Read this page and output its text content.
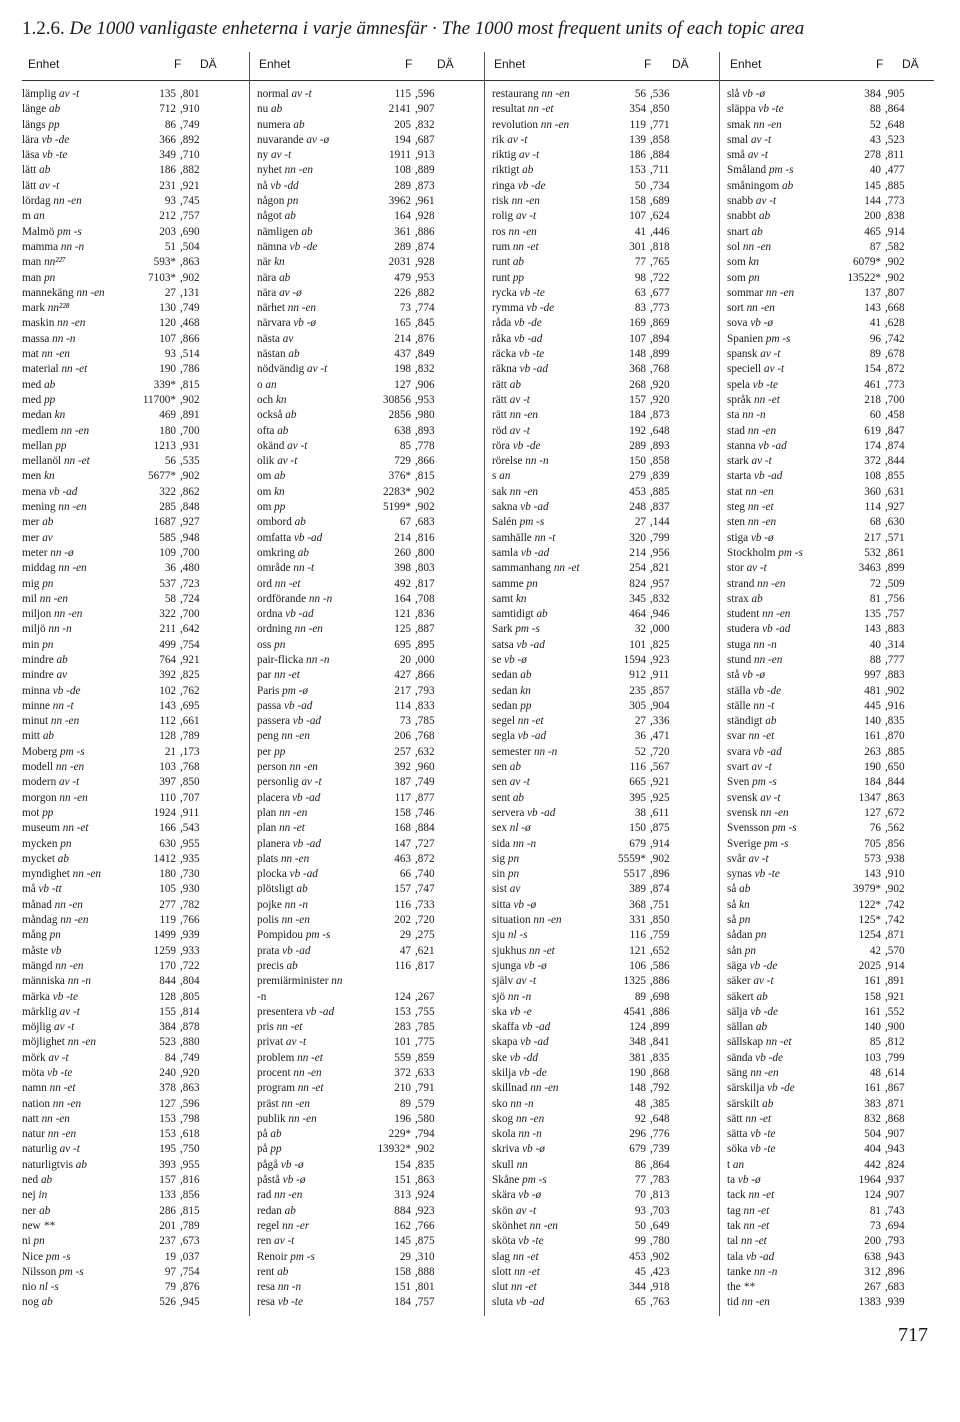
1.2.6. De 1000 vanligaste enheterna i varje ämnesfär · The 1000 most frequent units of each topic area
Enhet	F DÄ	Enhet	F DÄ	Enhet	F DÄ	Enhet	F DÄ
lämplig av -t	135 ,801
länge ab	712 ,910
längs pp	86 ,749
lära vb -de	366 ,892
läsa vb -te	349 ,710
lätt ab	186 ,882
lätt av -t	231 ,921
lördag nn -en	93 ,745
m an	212 ,757
Malmö pm -s	203 ,690
mamma nn -n	51 ,504
man nn²²⁷	593* ,863
man pn	7103* ,902
mannekäng nn -en	27 ,131
mark nn²²⁸	130 ,749
maskin nn -en	120 ,468
massa nn -n	107 ,866
mat nn -en	93 ,514
material nn -et	190 ,786
med ab	339* ,815
med pp	11700* ,902
medan kn	469 ,891
medlem nn -en	180 ,700
mellan pp	1213 ,931
mellanöl nn -et	56 ,535
men kn	5677* ,902
mena vb -ad	322 ,862
mening nn -en	285 ,848
mer ab	1687 ,927
mer av	585 ,948
meter nn -ø	109 ,700
middag nn -en	36 ,480
mig pn	537 ,723
mil nn -en	58 ,724
miljon nn -en	322 ,700
miljö nn -n	211 ,642
min pn	499 ,754
mindre ab	764 ,921
mindre av	392 ,825
minna vb -de	102 ,762
minne nn -t	143 ,695
minut nn -en	112 ,661
mitt ab	128 ,789
Moberg pm -s	21 ,173
modell nn -en	103 ,768
modern av -t	397 ,850
morgon nn -en	110 ,707
mot pp	1924 ,911
museum nn -et	166 ,543
mycken pn	630 ,955
mycket ab	1412 ,935
myndighet nn -en	180 ,730
må vb -tt	105 ,930
månad nn -en	277 ,782
måndag nn -en	119 ,766
mång pn	1499 ,939
måste vb	1259 ,933
mängd nn -en	170 ,722
människa nn -n	844 ,804
märka vb -te	128 ,805
märklig av -t	155 ,814
möjlig av -t	384 ,878
möjlighet nn -en	523 ,880
mörk av -t	84 ,749
möta vb -te	240 ,920
namn nn -et	378 ,863
nation nn -en	127 ,596
natt nn -en	153 ,798
natur nn -en	153 ,618
naturlig av -t	195 ,750
naturligtvis ab	393 ,955
ned ab	157 ,816
nej in	133 ,856
ner ab	286 ,815
new **	201 ,789
ni pn	237 ,673
Nice pm -s	19 ,037
Nilsson pm -s	97 ,754
nio nl -s	79 ,876
nog ab	526 ,945
normal av -t	115 ,596
nu ab	2141 ,907
numera ab	205 ,832
nuvarande av -ø	194 ,687
ny av -t	1911 ,913
nyhet nn -en	108 ,889
nå vb -dd	289 ,873
någon pn	3962 ,961
något ab	164 ,928
nämligen ab	361 ,886
nämna vb -de	289 ,874
när kn	2031 ,928
nära ab	479 ,953
nära av -ø	226 ,882
närhet nn -en	73 ,774
närvara vb -ø	165 ,845
nästa av	214 ,876
nästan ab	437 ,849
nödvändig av -t	198 ,832
o an	127 ,906
och kn	30856 ,953
också ab	2856 ,980
ofta ab	638 ,893
okänd av -t	85 ,778
olik av -t	729 ,866
om ab	376* ,815
om kn	2283* ,902
om pp	5199* ,902
ombord ab	67 ,683
omfatta vb -ad	214 ,816
omkring ab	260 ,800
område nn -t	398 ,803
ord nn -et	492 ,817
ordförande nn -n	164 ,708
ordna vb -ad	121 ,836
ordning nn -en	125 ,887
oss pn	695 ,895
pair-flicka nn -n	20 ,000
par nn -et	427 ,866
Paris pm -ø	217 ,793
passa vb -ad	114 ,833
passera vb -ad	73 ,785
peng nn -en	206 ,768
per pp	257 ,632
person nn -en	392 ,960
personlig av -t	187 ,749
placera vb -ad	117 ,877
plan nn -en	158 ,746
plan nn -et	168 ,884
planera vb -ad	147 ,727
plats nn -en	463 ,872
plocka vb -ad	66 ,740
plötsligt ab	157 ,747
pojke nn -n	116 ,733
polis nn -en	202 ,720
Pompidou pm -s	29 ,275
prata vb -ad	47 ,621
precis ab	116 ,817
premiärminister nn
-n	124 ,267
presentera vb -ad	153 ,755
pris nn -et	283 ,785
privat av -t	101 ,775
problem nn -et	559 ,859
procent nn -en	372 ,633
program nn -et	210 ,791
präst nn -en	89 ,579
publik nn -en	196 ,580
på ab	229* ,794
på pp	13932* ,902
pågå vb -ø	154 ,835
påstå vb -ø	151 ,863
rad nn -en	313 ,924
redan ab	884 ,923
regel nn -er	162 ,766
ren av -t	145 ,875
Renoir pm -s	29 ,310
rent ab	158 ,888
resa nn -n	151 ,801
resa vb -te	184 ,757
restaurang nn -en	56 ,536
resultat nn -et	354 ,850
revolution nn -en	119 ,771
rik av -t	139 ,858
riktig av -t	186 ,884
riktigt ab	153 ,711
ringa vb -de	50 ,734
risk nn -en	158 ,689
rolig av -t	107 ,624
ros nn -en	41 ,446
rum nn -et	301 ,818
runt ab	77 ,765
runt pp	98 ,722
rycka vb -te	63 ,677
rymma vb -de	83 ,773
råda vb -de	169 ,869
råka vb -ad	107 ,894
räcka vb -te	148 ,899
räkna vb -ad	368 ,768
rätt ab	268 ,920
rätt av -t	157 ,920
rätt nn -en	184 ,873
röd av -t	192 ,648
röra vb -de	289 ,893
rörelse nn -n	150 ,858
s an	279 ,839
sak nn -en	453 ,885
sakna vb -ad	248 ,837
Salén pm -s	27 ,144
samhälle nn -t	320 ,799
samla vb -ad	214 ,956
sammanhang nn -et	254 ,821
samme pn	824 ,957
samt kn	345 ,832
samtidigt ab	464 ,946
Sark pm -s	32 ,000
satsa vb -ad	101 ,825
se vb -ø	1594 ,923
sedan ab	912 ,911
sedan kn	235 ,857
sedan pp	305 ,904
segel nn -et	27 ,336
segla vb -ad	36 ,471
semester nn -n	52 ,720
sen ab	116 ,567
sen av -t	665 ,921
sent ab	395 ,925
servera vb -ad	38 ,611
sex nl -ø	150 ,875
sida nn -n	679 ,914
sig pn	5559* ,902
sin pn	5517 ,896
sist av	389 ,874
sitta vb -ø	368 ,751
situation nn -en	331 ,850
sju nl -s	116 ,759
sjukhus nn -et	121 ,652
sjunga vb -ø	106 ,586
själv av -t	1325 ,886
sjö nn -n	89 ,698
ska vb -e	4541 ,886
skaffa vb -ad	124 ,899
skapa vb -ad	348 ,841
ske vb -dd	381 ,835
skilja vb -de	190 ,868
skillnad nn -en	148 ,792
sko nn -n	48 ,385
skog nn -en	92 ,648
skola nn -n	296 ,776
skriva vb -ø	679 ,739
skull nn	86 ,864
Skåne pm -s	77 ,783
skära vb -ø	70 ,813
skön av -t	93 ,703
skönhet nn -en	50 ,649
sköta vb -te	99 ,780
slag nn -et	453 ,902
slott nn -et	45 ,423
slut nn -et	344 ,918
sluta vb -ad	65 ,763
slå vb -ø	384 ,905
släppa vb -te	88 ,864
smak nn -en	52 ,648
smal av -t	43 ,523
små av -t	278 ,811
Småland pm -s	40 ,477
småningom ab	145 ,885
snabb av -t	144 ,773
snabbt ab	200 ,838
snart ab	465 ,914
sol nn -en	87 ,582
som kn	6079* ,902
som pn	13522* ,902
sommar nn -en	137 ,807
sort nn -en	143 ,668
sova vb -ø	41 ,628
Spanien pm -s	96 ,742
spansk av -t	89 ,678
speciell av -t	154 ,872
spela vb -te	461 ,773
språk nn -et	218 ,700
sta nn -n	60 ,458
stad nn -en	619 ,847
stanna vb -ad	174 ,874
stark av -t	372 ,844
starta vb -ad	108 ,855
stat nn -en	360 ,631
steg nn -et	114 ,927
sten nn -en	68 ,630
stiga vb -ø	217 ,571
Stockholm pm -s	532 ,861
stor av -t	3463 ,899
strand nn -en	72 ,509
strax ab	81 ,756
student nn -en	135 ,757
studera vb -ad	143 ,883
stuga nn -n	40 ,314
stund nn -en	88 ,777
stå vb -ø	997 ,883
ställa vb -de	481 ,902
ställe nn -t	445 ,916
ständigt ab	140 ,835
svar nn -et	161 ,870
svara vb -ad	263 ,885
svart av -t	190 ,650
Sven pm -s	184 ,844
svensk av -t	1347 ,863
svensk nn -en	127 ,672
Svensson pm -s	76 ,562
Sverige pm -s	705 ,856
svår av -t	573 ,938
synas vb -te	143 ,910
så ab	3979* ,902
så kn	122* ,742
så pn	125* ,742
sådan pn	1254 ,871
sån pn	42 ,570
säga vb -de	2025 ,914
säker av -t	161 ,891
säkert ab	158 ,921
sälja vb -de	161 ,552
sällan ab	140 ,900
sällskap nn -et	85 ,812
sända vb -de	103 ,799
säng nn -en	48 ,614
särskilja vb -de	161 ,867
särskilt ab	383 ,871
sätt nn -et	832 ,868
sätta vb -te	504 ,907
söka vb -te	404 ,943
t an	442 ,824
ta vb -ø	1964 ,937
tack nn -et	124 ,907
tag nn -et	81 ,743
tak nn -et	73 ,694
tal nn -et	200 ,793
tala vb -ad	638 ,943
tanke nn -n	312 ,896
the **	267 ,683
tid nn -en	1383 ,939
717
